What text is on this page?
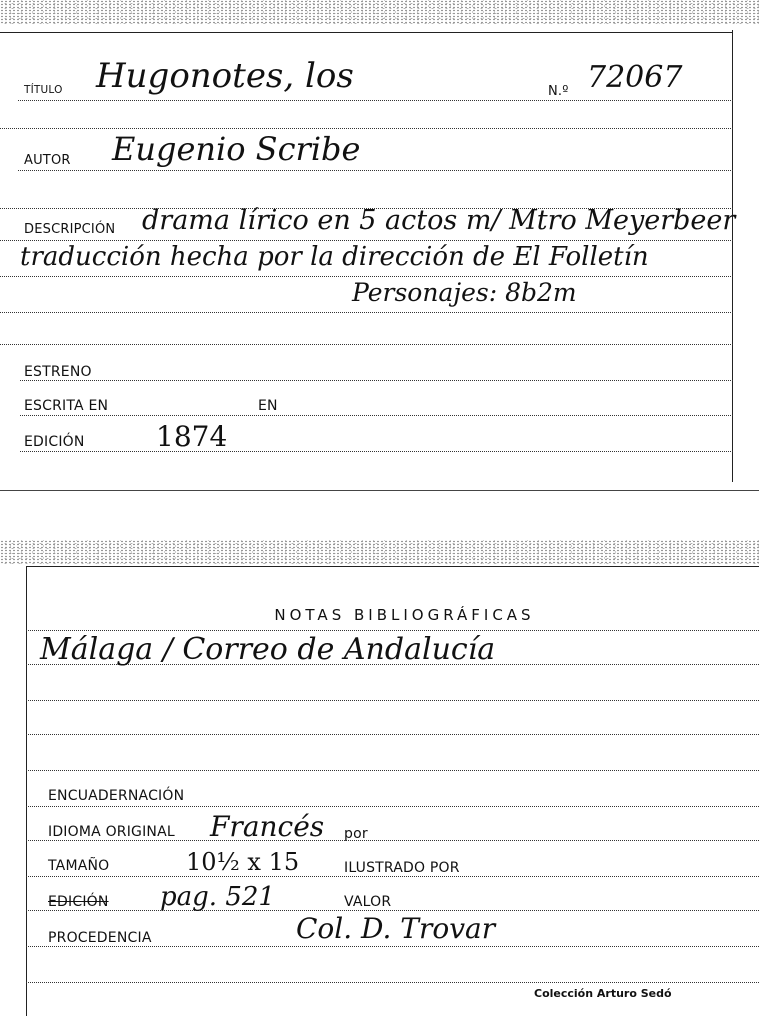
TÍTULO Hugonotes, los	N.º 72067
AUTOR Eugenio Scribe
DESCRIPCIÓN drama lírico en 5 actos m/ Mtro Meyerbeer
traducción hecha por la dirección de El Folletín
Personajes: 8b2m
ESTRENO
ESCRITA EN	EN
EDICIÓN	1874
NOTAS BIBLIOGRÁFICAS
Málaga / Correo de Andalucía
ENCUADERNACIÓN
IDIOMA ORIGINAL Francés por
TAMAÑO	10½ x 15	ILUSTRADO POR
EDICIÓN pag. 521	VALOR
PROCEDENCIA	Col. D. Trovar
Colección Arturo Sedó
